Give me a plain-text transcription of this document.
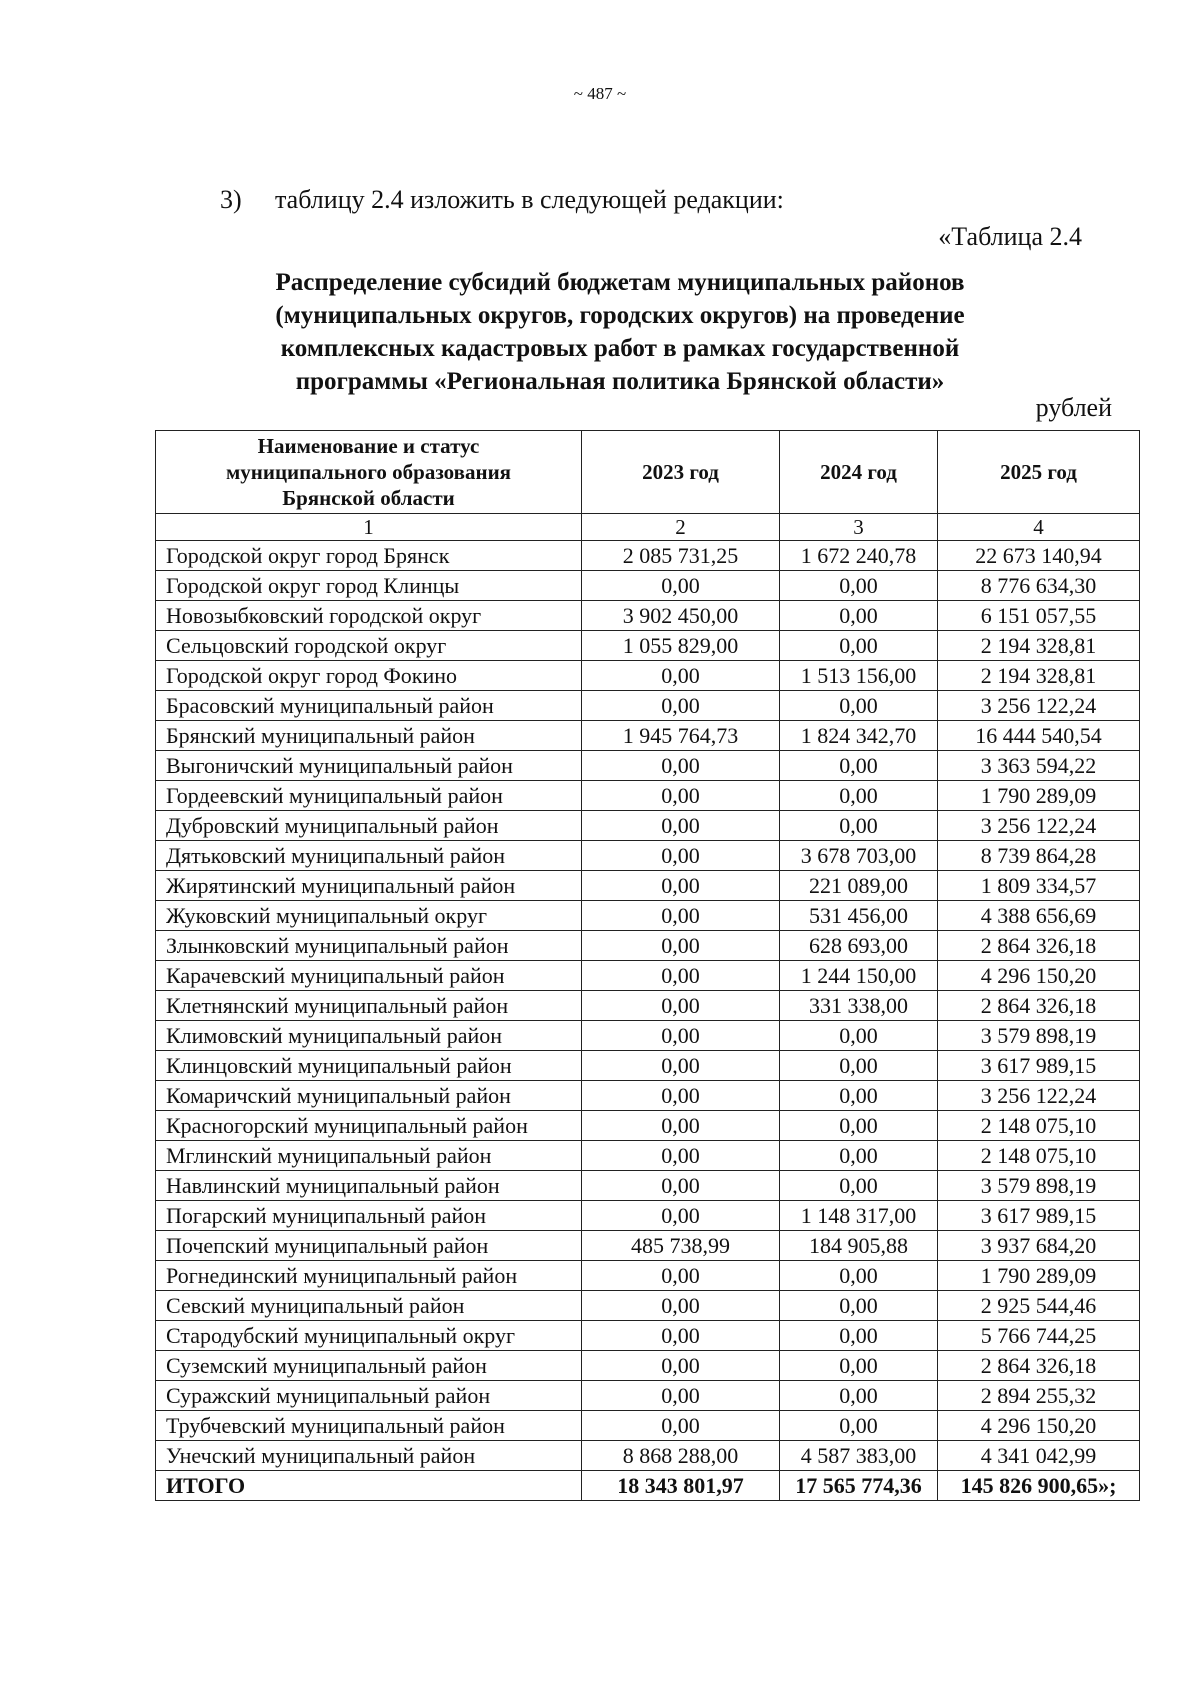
~ 487 ~
3) таблицу 2.4 изложить в следующей редакции:
«Таблица 2.4
Распределение субсидий бюджетам муниципальных районов
(муниципальных округов, городских округов) на проведение
комплексных кадастровых работ в рамках государственной
программы «Региональная политика Брянской области»
рублей
Наименование и статус
муниципального образования
Брянской области	2023 год	2024 год	2025 год
1	2	3	4
Городской округ город Брянск	2 085 731,25	1 672 240,78	22 673 140,94
Городской округ город Клинцы	0,00	0,00	8 776 634,30
Новозыбковский городской округ	3 902 450,00	0,00	6 151 057,55
Сельцовский городской округ	1 055 829,00	0,00	2 194 328,81
Городской округ город Фокино	0,00	1 513 156,00	2 194 328,81
Брасовский муниципальный район	0,00	0,00	3 256 122,24
Брянский муниципальный район	1 945 764,73	1 824 342,70	16 444 540,54
Выгоничский муниципальный район	0,00	0,00	3 363 594,22
Гордеевский муниципальный район	0,00	0,00	1 790 289,09
Дубровский муниципальный район	0,00	0,00	3 256 122,24
Дятьковский муниципальный район	0,00	3 678 703,00	8 739 864,28
Жирятинский муниципальный район	0,00	221 089,00	1 809 334,57
Жуковский муниципальный округ	0,00	531 456,00	4 388 656,69
Злынковский муниципальный район	0,00	628 693,00	2 864 326,18
Карачевский муниципальный район	0,00	1 244 150,00	4 296 150,20
Клетнянский муниципальный район	0,00	331 338,00	2 864 326,18
Климовский муниципальный район	0,00	0,00	3 579 898,19
Клинцовский муниципальный район	0,00	0,00	3 617 989,15
Комаричский муниципальный район	0,00	0,00	3 256 122,24
Красногорский муниципальный район	0,00	0,00	2 148 075,10
Мглинский муниципальный район	0,00	0,00	2 148 075,10
Навлинский муниципальный район	0,00	0,00	3 579 898,19
Погарский муниципальный район	0,00	1 148 317,00	3 617 989,15
Почепский муниципальный район	485 738,99	184 905,88	3 937 684,20
Рогнединский муниципальный район	0,00	0,00	1 790 289,09
Севский муниципальный район	0,00	0,00	2 925 544,46
Стародубский муниципальный округ	0,00	0,00	5 766 744,25
Суземский муниципальный район	0,00	0,00	2 864 326,18
Суражский муниципальный район	0,00	0,00	2 894 255,32
Трубчевский муниципальный район	0,00	0,00	4 296 150,20
Унечский муниципальный район	8 868 288,00	4 587 383,00	4 341 042,99
ИТОГО	18 343 801,97	17 565 774,36	145 826 900,65»;
